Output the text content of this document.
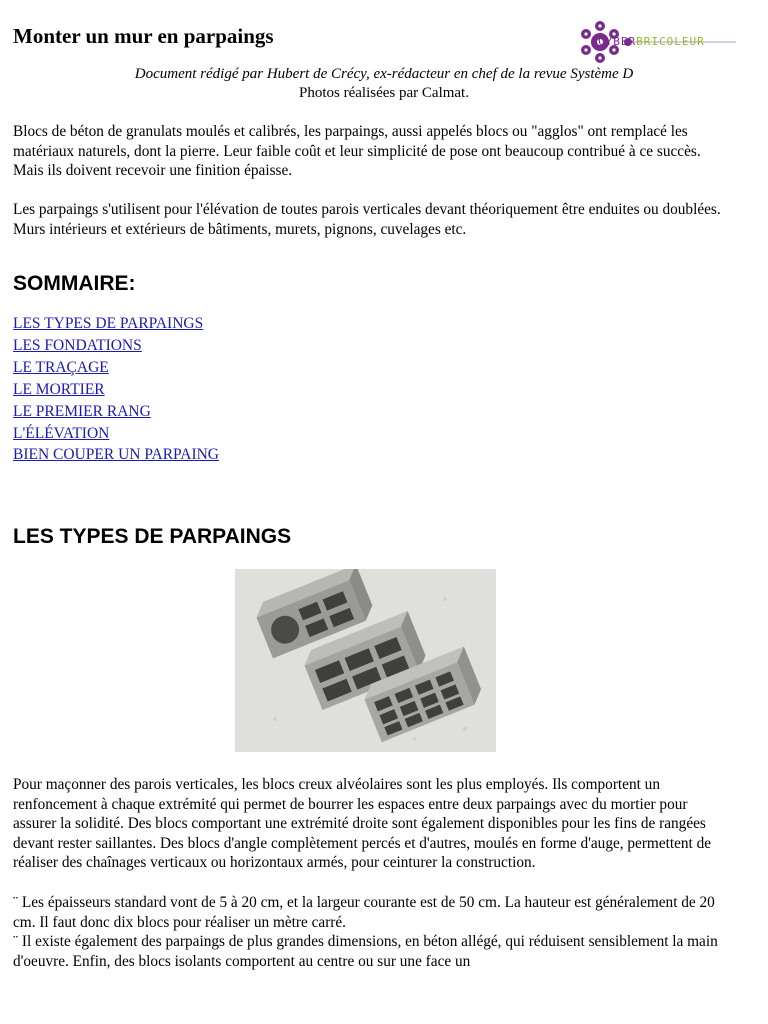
Monter un mur en parpaings	CYBERBRICOLEUR
Document rédigé par Hubert de Crécy, ex-rédacteur en chef de la revue Système D
Photos réalisées par Calmat.

Blocs de béton de granulats moulés et calibrés, les parpaings, aussi appelés blocs ou "agglos" ont remplacé les matériaux naturels, dont la pierre. Leur faible coût et leur simplicité de pose ont beaucoup contribué à ce succès. Mais ils doivent recevoir une finition épaisse.

Les parpaings s'utilisent pour l'élévation de toutes parois verticales devant théoriquement être enduites ou doublées. Murs intérieurs et extérieurs de bâtiments, murets, pignons, cuvelages etc.

SOMMAIRE:
LES TYPES DE PARPAINGS
LES FONDATIONS
LE TRAÇAGE
LE MORTIER
LE PREMIER RANG
L'ÉLÉVATION
BIEN COUPER UN PARPAING
LES TYPES DE PARPAINGS

Pour maçonner des parois verticales, les blocs creux alvéolaires sont les plus employés. Ils comportent un renfoncement à chaque extrémité qui permet de bourrer les espaces entre deux parpaings avec du mortier pour assurer la solidité. Des blocs comportant une extrémité droite sont également disponibles pour les fins de rangées devant rester saillantes. Des blocs d'angle complètement percés et d'autres, moulés en forme d'auge, permettent de réaliser des chaînages verticaux ou horizontaux armés, pour ceinturer la construction.

¨ Les épaisseurs standard vont de 5 à 20 cm, et la largeur courante est de 50 cm. La hauteur est généralement de 20 cm. Il faut donc dix blocs pour réaliser un mètre carré.

¨ Il existe également des parpaings de plus grandes dimensions, en béton allégé, qui réduisent sensiblement la main d'oeuvre. Enfin, des blocs isolants comportent au centre ou sur une face un
